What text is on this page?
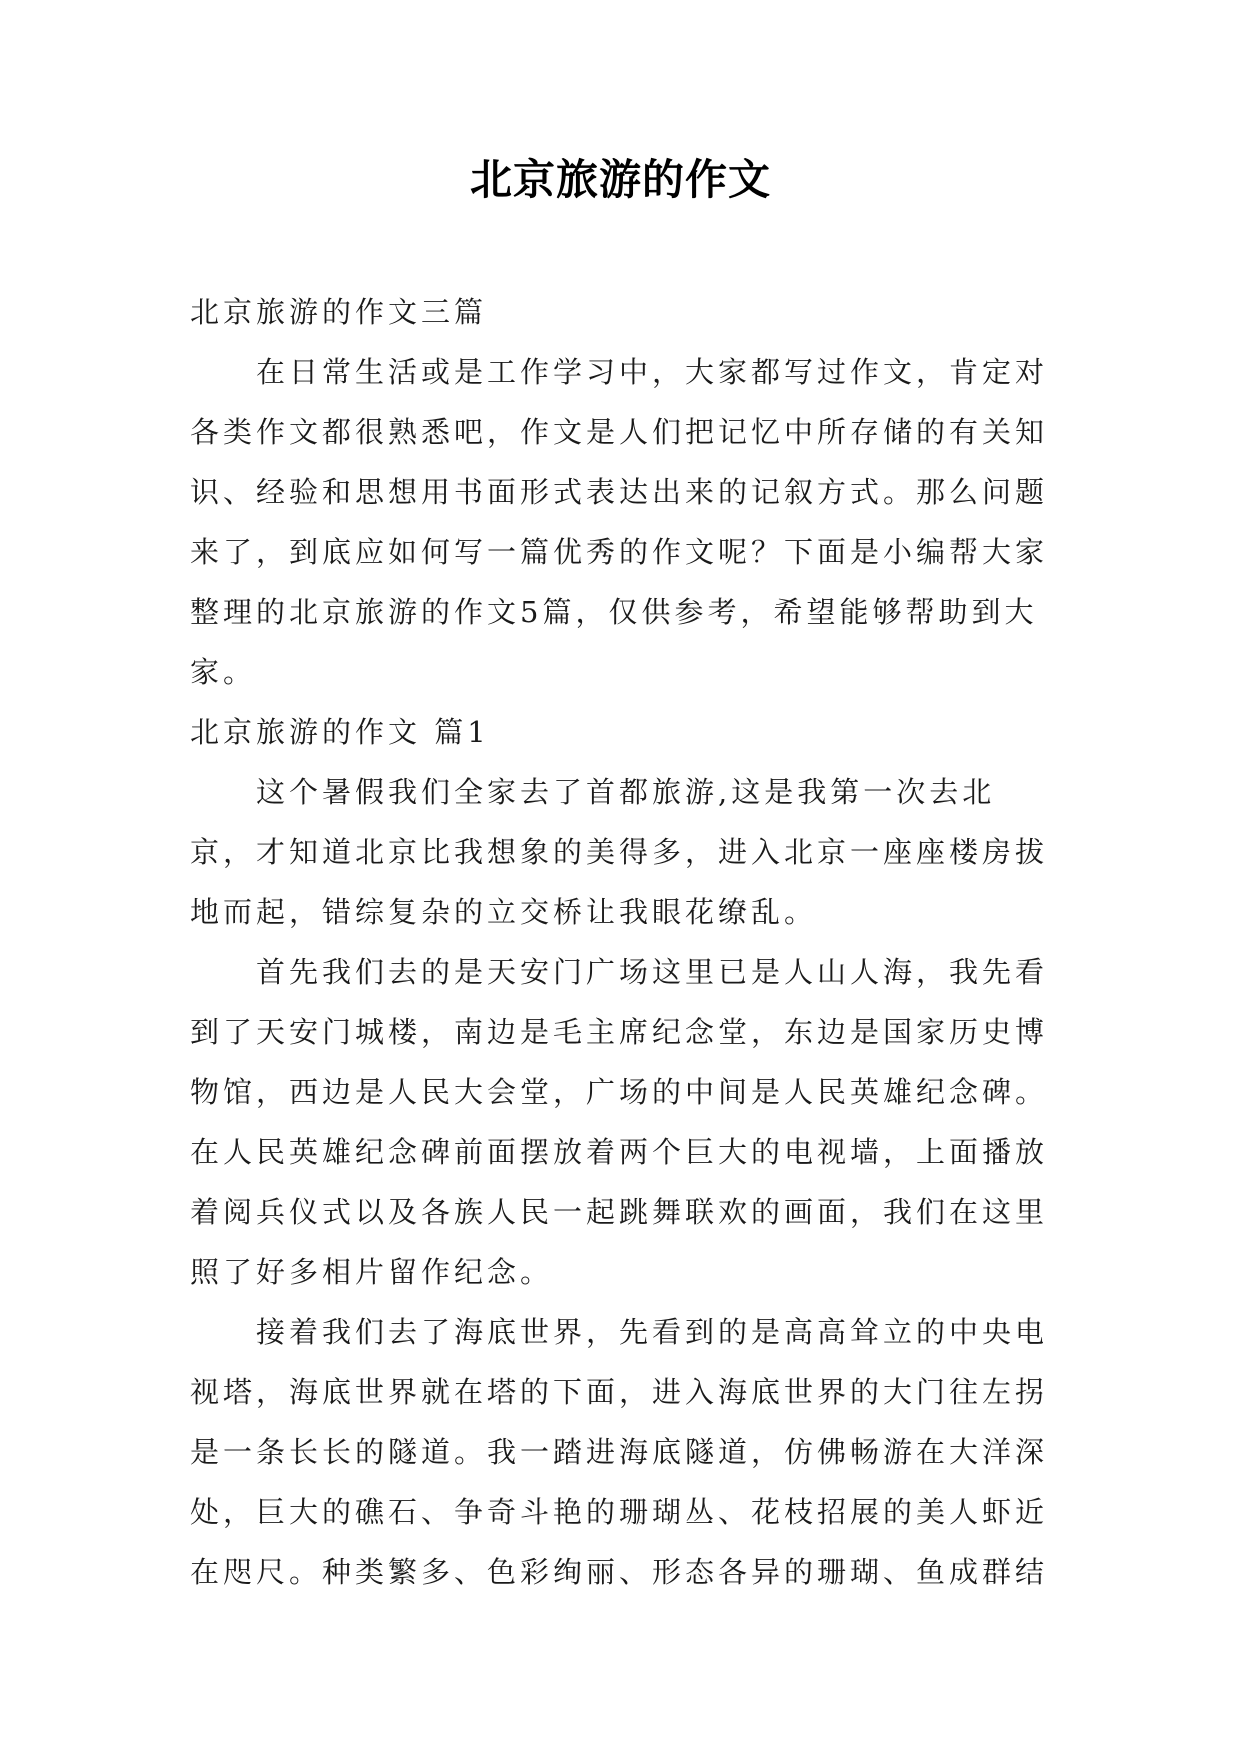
北京旅游的作文

北京旅游的作文三篇

在日常生活或是工作学习中，大家都写过作文，肯定对各类作文都很熟悉吧，作文是人们把记忆中所存储的有关知识、经验和思想用书面形式表达出来的记叙方式。那么问题来了，到底应如何写一篇优秀的作文呢？下面是小编帮大家整理的北京旅游的作文5篇，仅供参考，希望能够帮助到大家。

北京旅游的作文 篇1

这个暑假我们全家去了首都旅游,这是我第一次去北京，才知道北京比我想象的美得多，进入北京一座座楼房拔地而起，错综复杂的立交桥让我眼花缭乱。

首先我们去的是天安门广场这里已是人山人海，我先看到了天安门城楼，南边是毛主席纪念堂，东边是国家历史博物馆，西边是人民大会堂，广场的中间是人民英雄纪念碑。在人民英雄纪念碑前面摆放着两个巨大的电视墙，上面播放着阅兵仪式以及各族人民一起跳舞联欢的画面，我们在这里照了好多相片留作纪念。

接着我们去了海底世界，先看到的是高高耸立的中央电视塔，海底世界就在塔的下面，进入海底世界的大门往左拐是一条长长的隧道。我一踏进海底隧道，仿佛畅游在大洋深处，巨大的礁石、争奇斗艳的珊瑚丛、花枝招展的美人虾近在咫尺。种类繁多、色彩绚丽、形态各异的珊瑚、鱼成群结
